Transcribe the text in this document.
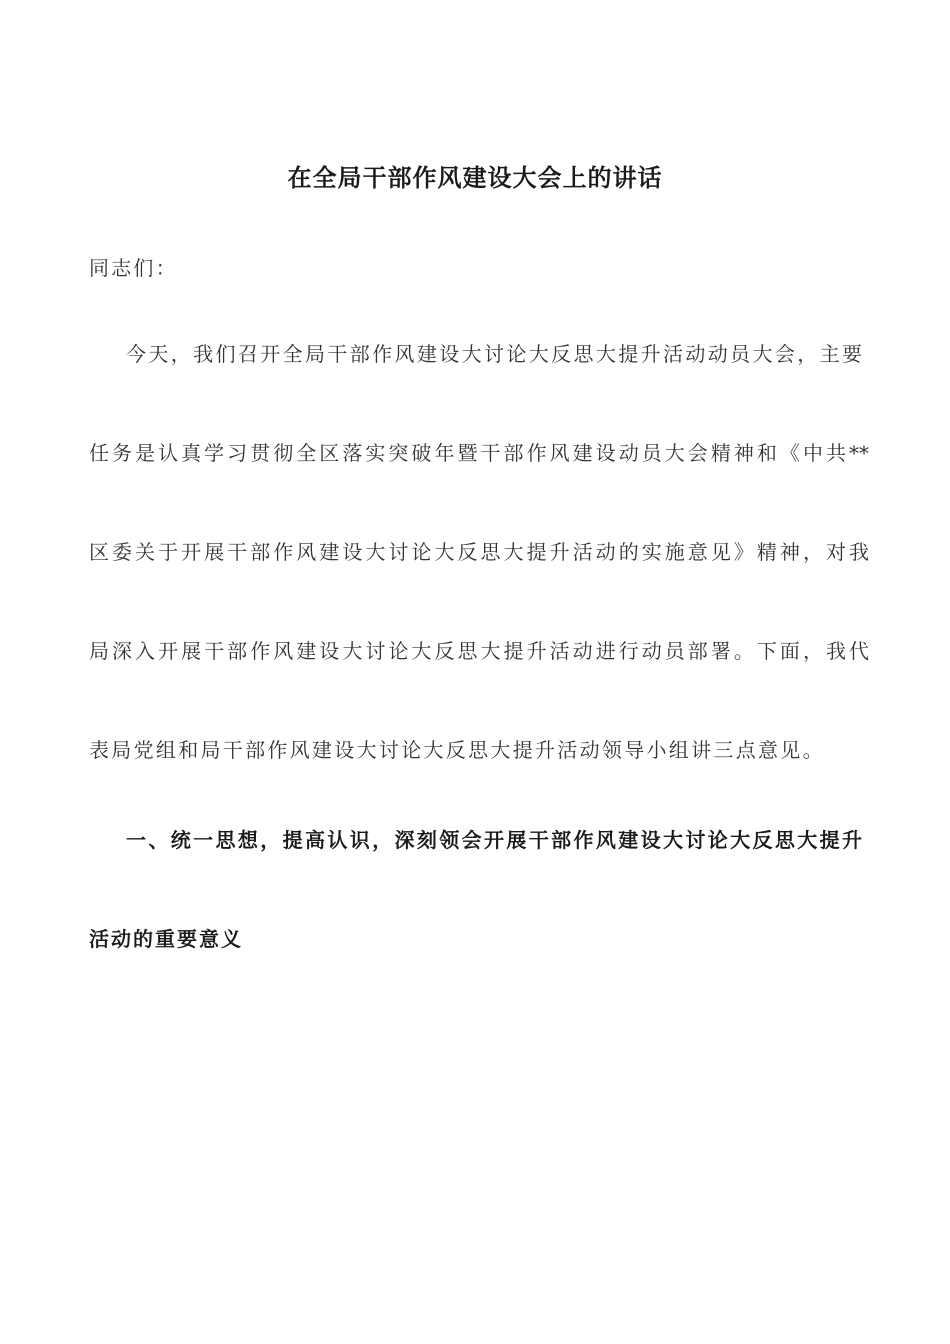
在全局干部作风建设大会上的讲话
同志们：
今天，我们召开全局干部作风建设大讨论大反思大提升活动动员大会，主要
任务是认真学习贯彻全区落实突破年暨干部作风建设动员大会精神和《中共**
区委关于开展干部作风建设大讨论大反思大提升活动的实施意见》精神，对我
局深入开展干部作风建设大讨论大反思大提升活动进行动员部署。下面，我代
表局党组和局干部作风建设大讨论大反思大提升活动领导小组讲三点意见。
一、统一思想，提高认识，深刻领会开展干部作风建设大讨论大反思大提升
活动的重要意义
